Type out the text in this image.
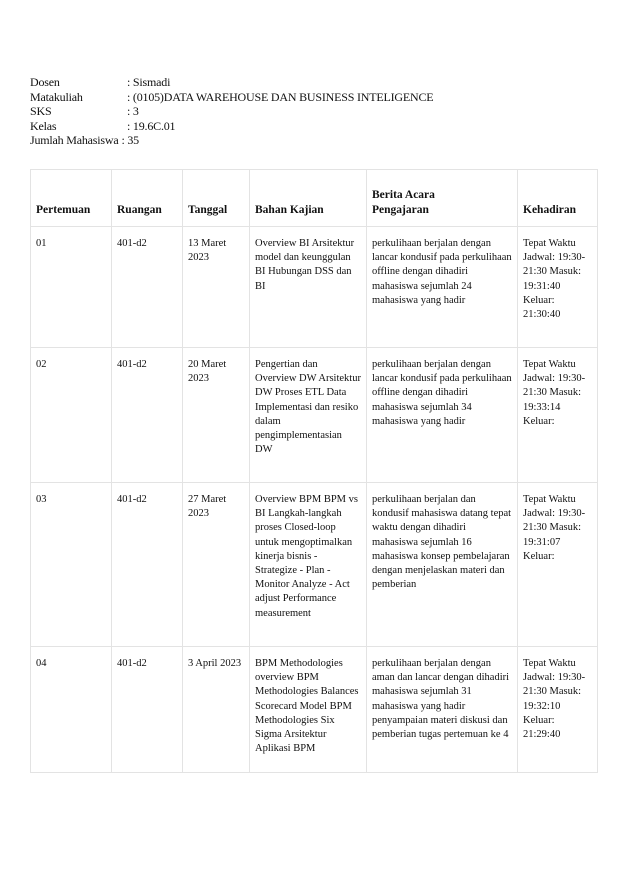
Dosen	: Sismadi
Matakuliah	: (0105)DATA WAREHOUSE DAN BUSINESS INTELIGENCE
SKS	: 3
Kelas	: 19.6C.01
Jumlah Mahasiswa : 35
Pertemuan	Ruangan	Tanggal	Bahan Kajian	Berita Acara Pengajaran	Kehadiran
01	401-d2	13 Maret 2023	Overview BI Arsitektur model dan keunggulan BI Hubungan DSS dan BI	perkulihaan berjalan dengan lancar kondusif pada perkulihaan offline dengan dihadiri mahasiswa sejumlah 24 mahasiswa yang hadir	Tepat Waktu Jadwal: 19:30-21:30 Masuk: 19:31:40 Keluar: 21:30:40
02	401-d2	20 Maret 2023	Pengertian dan Overview DW Arsitektur DW Proses ETL Data Implementasi dan resiko dalam pengimplementasian DW	perkulihaan berjalan dengan lancar kondusif pada perkulihaan offline dengan dihadiri mahasiswa sejumlah 34 mahasiswa yang hadir	Tepat Waktu Jadwal: 19:30-21:30 Masuk: 19:33:14 Keluar:
03	401-d2	27 Maret 2023	Overview BPM BPM vs BI Langkah-langkah proses Closed-loop untuk mengoptimalkan kinerja bisnis - Strategize - Plan - Monitor Analyze - Act adjust Performance measurement	perkulihaan berjalan dan kondusif mahasiswa datang tepat waktu dengan dihadiri mahasiswa sejumlah 16 mahasiswa konsep pembelajaran dengan menjelaskan materi dan pemberian	Tepat Waktu Jadwal: 19:30-21:30 Masuk: 19:31:07 Keluar:
04	401-d2	3 April 2023	BPM Methodologies overview BPM Methodologies Balances Scorecard Model BPM Methodologies Six Sigma Arsitektur Aplikasi BPM	perkulihaan berjalan dengan aman dan lancar dengan dihadiri mahasiswa sejumlah 31 mahasiswa yang hadir penyampaian materi diskusi dan pemberian tugas pertemuan ke 4	Tepat Waktu Jadwal: 19:30-21:30 Masuk: 19:32:10 Keluar: 21:29:40
